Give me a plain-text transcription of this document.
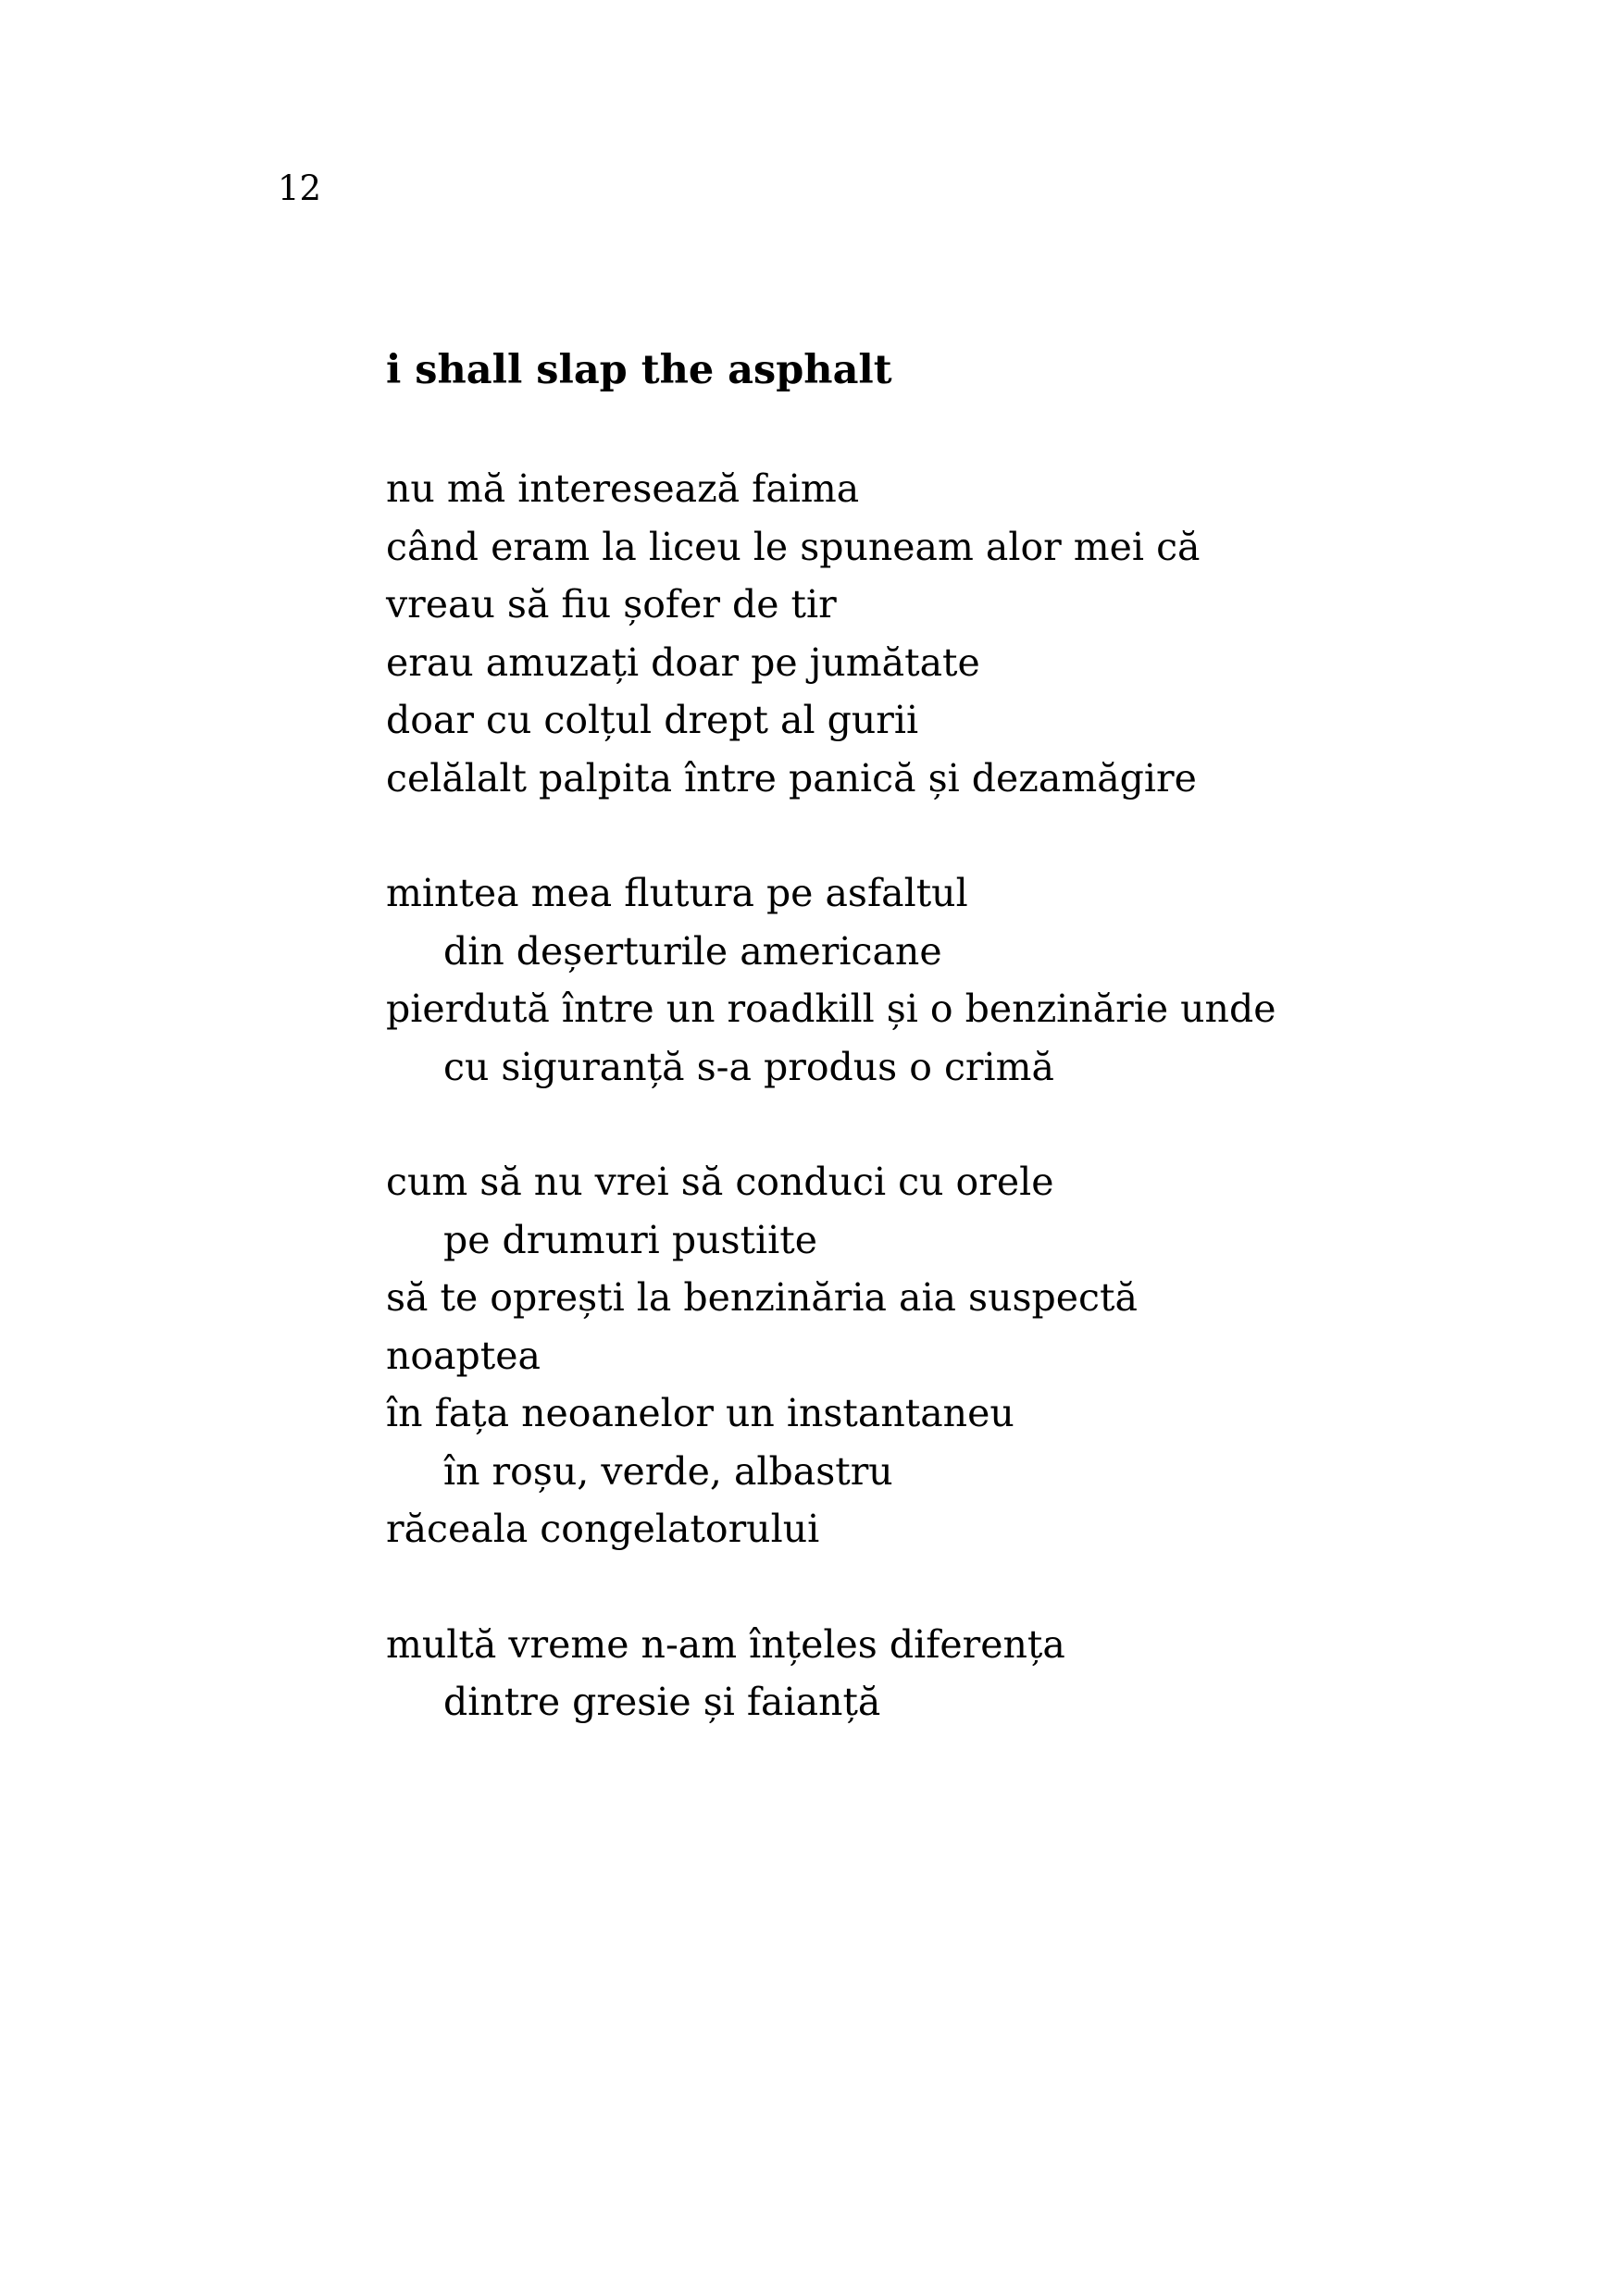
12
i shall slap the asphalt
nu mă interesează faima
când eram la liceu le spuneam alor mei că
vreau să fiu șofer de tir
erau amuzați doar pe jumătate
doar cu colțul drept al gurii
celălalt palpita între panică și dezamăgire
mintea mea flutura pe asfaltul
din deșerturile americane
pierdută între un roadkill și o benzinărie unde
cu siguranță s-a produs o crimă
cum să nu vrei să conduci cu orele
pe drumuri pustiite
să te oprești la benzinăria aia suspectă
noaptea
în fața neoanelor un instantaneu
în roșu, verde, albastru
răceala congelatorului
multă vreme n-am înțeles diferența
dintre gresie și faianță
